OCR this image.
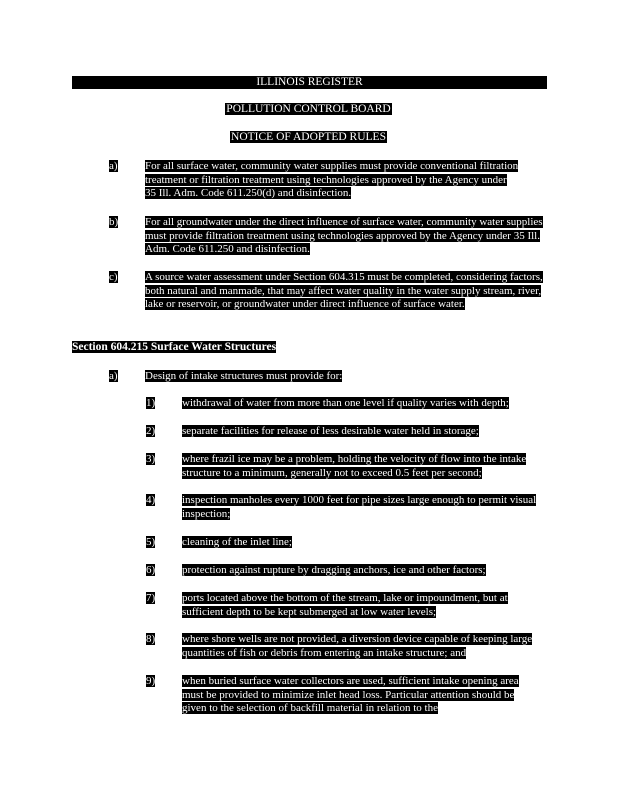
ILLINOIS REGISTER
POLLUTION CONTROL BOARD
NOTICE OF ADOPTED RULES
a) For all surface water, community water supplies must provide conventional filtration treatment or filtration treatment using technologies approved by the Agency under 35 Ill. Adm. Code 611.250(d) and disinfection.
b) For all groundwater under the direct influence of surface water, community water supplies must provide filtration treatment using technologies approved by the Agency under 35 Ill. Adm. Code 611.250 and disinfection.
c) A source water assessment under Section 604.315 must be completed, considering factors, both natural and manmade, that may affect water quality in the water supply stream, river, lake or reservoir, or groundwater under direct influence of surface water.
Section 604.215 Surface Water Structures
a) Design of intake structures must provide for:
1) withdrawal of water from more than one level if quality varies with depth;
2) separate facilities for release of less desirable water held in storage;
3) where frazil ice may be a problem, holding the velocity of flow into the intake structure to a minimum, generally not to exceed 0.5 feet per second;
4) inspection manholes every 1000 feet for pipe sizes large enough to permit visual inspection;
5) cleaning of the inlet line;
6) protection against rupture by dragging anchors, ice and other factors;
7) ports located above the bottom of the stream, lake or impoundment, but at sufficient depth to be kept submerged at low water levels;
8) where shore wells are not provided, a diversion device capable of keeping large quantities of fish or debris from entering an intake structure; and
9) when buried surface water collectors are used, sufficient intake opening area must be provided to minimize inlet head loss. Particular attention should be given to the selection of backfill material in relation to the
